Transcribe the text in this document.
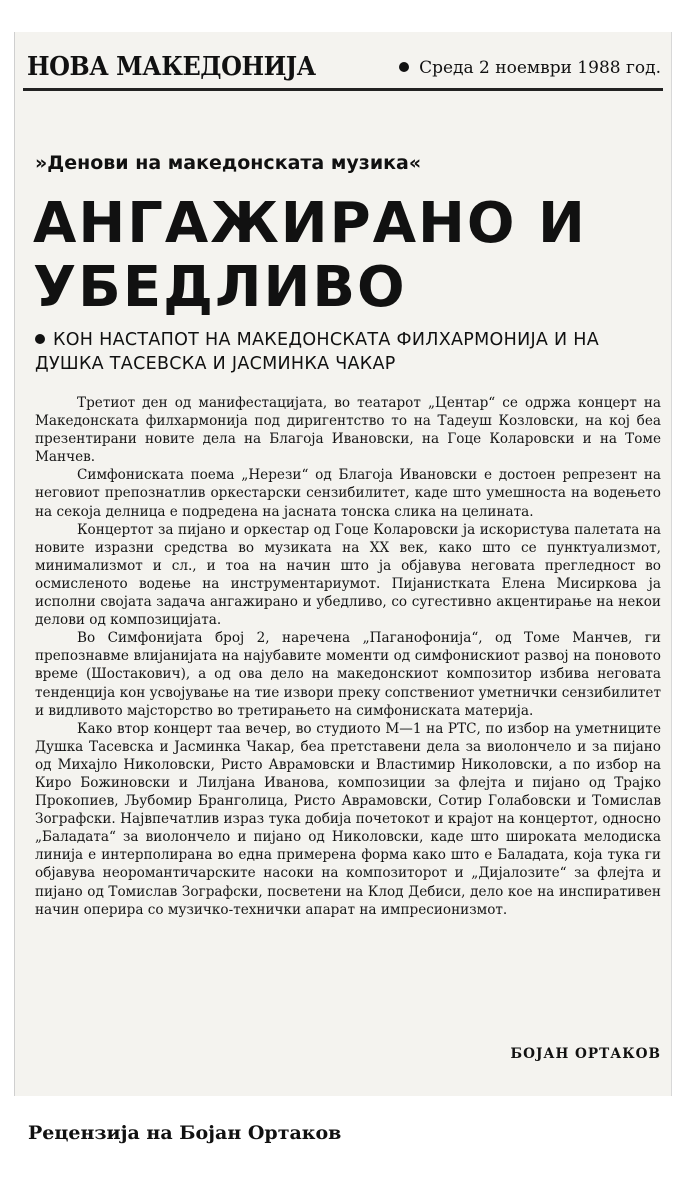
НОВА МАКЕДОНИЈА	Среда 2 ноември 1988 год.
»Денови на македонската музика«
АНГАЖИРАНО И УБЕДЛИВО
КОН НАСТАПОТ НА МАКЕДОНСКАТА ФИЛХАРМОНИЈА И НА ДУШКА ТАСЕВСКА И ЈАСМИНКА ЧАКАР

Третиот ден од манифестацијата, во театарот „Центар“ се одржа концерт на Македонската филхармонија под диригентство то на Тадеуш Козловски, на кој беа презентирани новите дела на Благоја Ивановски, на Гоце Коларовски и на Томе Манчев.

Симфониската поема „Нерези“ од Благоја Ивановски е достоен репрезент на неговиот препознатлив оркестарски сензибилитет, каде што умешноста на водењето на секоја делница е подредена на јасната тонска слика на целината.

Концертот за пијано и оркестар од Гоце Коларовски ја искористува палетата на новите изразни средства во музиката на XX век, како што се пунктуализмот, минимализмот и сл., и тоа на начин што ја објавува неговата прегледност во осмисленото водење на инструментариумот. Пијанистката Елена Мисиркова ја исполни својата задача ангажирано и убедливо, со сугестивно акцентирање на некои делови од композицијата.

Во Симфонијата број 2, наречена „Паганофонија“, од Томе Манчев, ги препознавме влијанијата на најубавите моменти од симфонискиот развој на поновото време (Шостакович), а од ова дело на македонскиот композитор избива неговата тенденција кон усвојување на тие извори преку сопствениот уметнички сензибилитет и видливото мајсторство во третирањето на симфониската материја.

Како втор концерт таа вечер, во студиото М—1 на РТС, по избор на уметниците Душка Тасевска и Јасминка Чакар, беа претставени дела за виолончело и за пијано од Михајло Николовски, Ристо Аврамовски и Властимир Николовски, а по избор на Киро Божиновски и Лилјана Иванова, композиции за флејта и пијано од Трајко Прокопиев, Љубомир Бранголица, Ристо Аврамовски, Сотир Голабовски и Томислав Зографски. Највпечатлив израз тука добија почетокот и крајот на концертот, односно „Баладата“ за виолончело и пијано од Николовски, каде што широката мелодиска линија е интерполирана во една примерена форма како што е Баладата, која тука ги објавува неоромантичарските насоки на композиторот и „Дијалозите“ за флејта и пијано од Томислав Зографски, посветени на Клод Дебиси, дело кое на инспиративен начин оперира со музичко-технички апарат на импресионизмот.

БОЈАН ОРТАКОВ
Рецензија на Бојан Ортаков
